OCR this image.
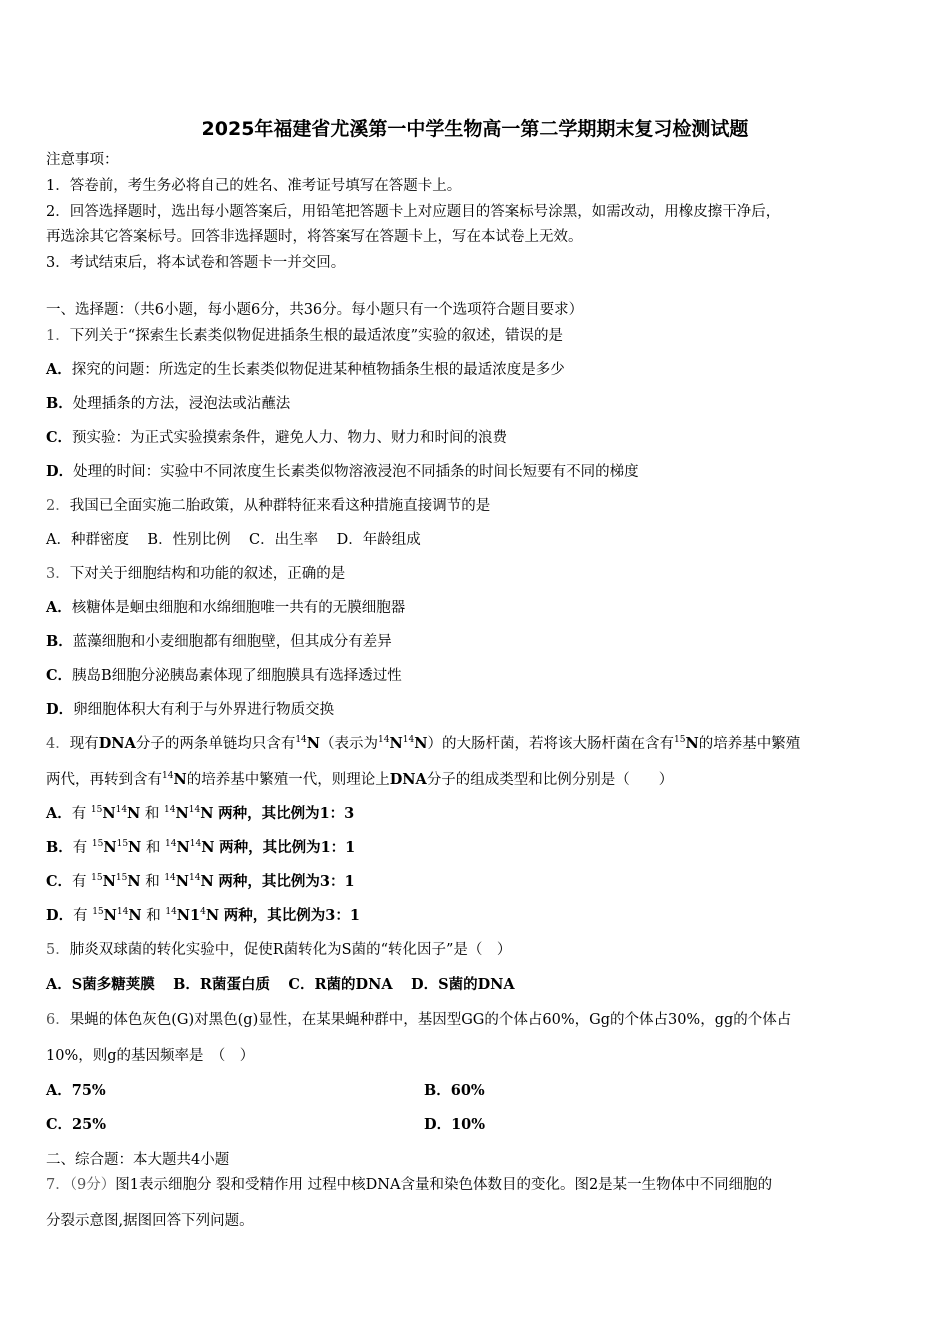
2025年福建省尤溪第一中学生物高一第二学期期末复习检测试题
注意事项：
1．答卷前，考生务必将自己的姓名、准考证号填写在答题卡上。
2．回答选择题时，选出每小题答案后，用铅笔把答题卡上对应题目的答案标号涂黑，如需改动，用橡皮擦干净后，
再选涂其它答案标号。回答非选择题时，将答案写在答题卡上，写在本试卷上无效。
3．考试结束后，将本试卷和答题卡一并交回。
一、选择题：（共6小题，每小题6分，共36分。每小题只有一个选项符合题目要求）
1．下列关于“探索生长素类似物促进插条生根的最适浓度”实验的叙述，错误的是
A．探究的问题：所选定的生长素类似物促进某种植物插条生根的最适浓度是多少
B．处理插条的方法，浸泡法或沾蘸法
C．预实验：为正式实验摸索条件，避免人力、物力、财力和时间的浪费
D．处理的时间：实验中不同浓度生长素类似物溶液浸泡不同插条的时间长短要有不同的梯度
2．我国已全面实施二胎政策，从种群特征来看这种措施直接调节的是
A．种群密度 B．性别比例 C．出生率 D．年龄组成
3．下对关于细胞结构和功能的叙述，正确的是
A．核糖体是蛔虫细胞和水绵细胞唯一共有的无膜细胞器
B．蓝藻细胞和小麦细胞都有细胞壁，但其成分有差异
C．胰岛B细胞分泌胰岛素体现了细胞膜具有选择透过性
D．卵细胞体积大有利于与外界进行物质交换
4．现有DNA分子的两条单链均只含有$^{14}$N（表示为$^{14}N^{14}N$）的大肠杆菌，若将该大肠杆菌在含有$^{15}$N的培养基中繁殖
两代，再转到含有$^{14}$N的培养基中繁殖一代，则理论上DNA分子的组成类型和比例分别是（　　）
A．有 $^{15}N^{14}N$ 和 $^{14}N^{14}N$ 两种，其比例为1：3
B．有 $^{15}N^{15}N$ 和 $^{14}N^{14}N$ 两种，其比例为1：1
C．有 $^{15}N^{15}N$ 和 $^{14}N^{14}N$ 两种，其比例为3：1
D．有 $^{15}N^{14}N$ 和 $^{14}N1^4N$ 两种，其比例为3：1
5．肺炎双球菌的转化实验中，促使R菌转化为S菌的“转化因子”是（　）
A．S菌多糖荚膜 B．R菌蛋白质 C．R菌的DNA D．S菌的DNA
6．果蝇的体色灰色(G)对黑色(g)显性，在某果蝇种群中，基因型GG的个体占60%，Gg的个体占30%，gg的个体占
10%，则g的基因频率是　（　）
A．75%	B．60%
C．25%	D．10%
二、综合题：本大题共4小题
7．（9分）图1表示细胞分 裂和受精作用 过程中核DNA含量和染色体数目的变化。图2是某一生物体中不同细胞的
分裂示意图,据图回答下列问题。
